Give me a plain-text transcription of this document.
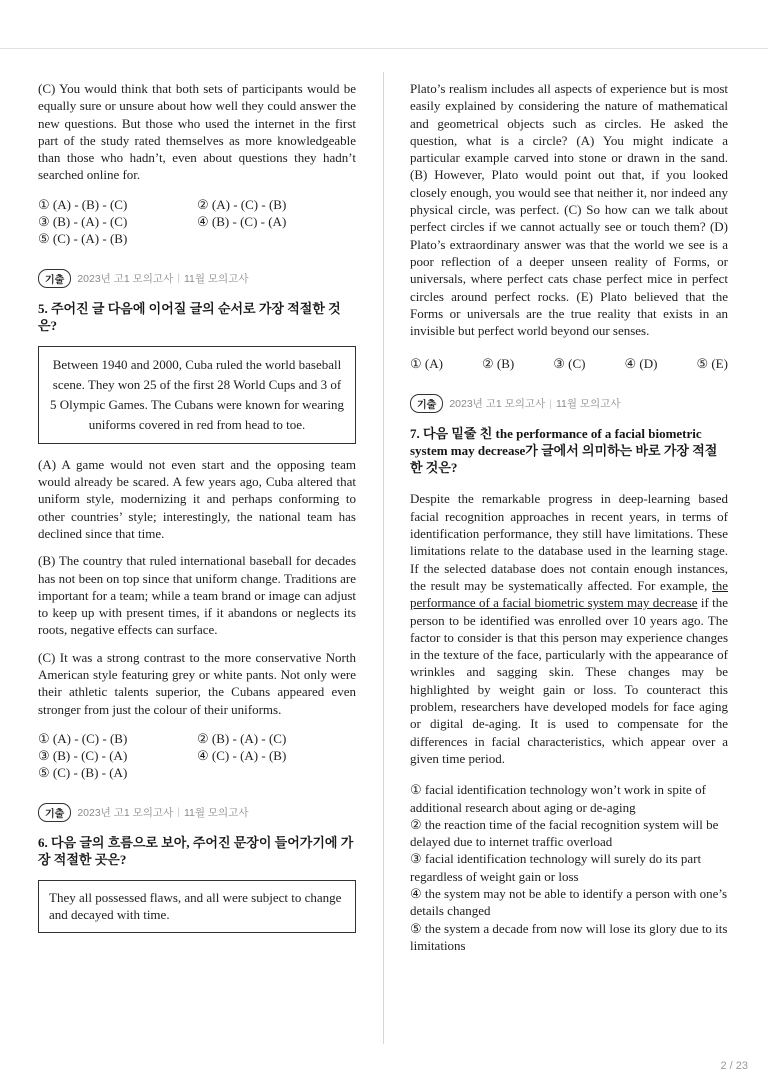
(C) You would think that both sets of participants would be equally sure or unsure about how well they could answer the new questions. But those who used the internet in the first part of the study rated themselves as more knowledgeable than those who hadn’t, even about questions they hadn’t searched online for.

① (A) - (B) - (C)	② (A) - (C) - (B)
③ (B) - (A) - (C)	④ (B) - (C) - (A)
⑤ (C) - (A) - (B)
기출	2023년 고1 모의고사 | 11월 모의고사
5. 주어진 글 다음에 이어질 글의 순서로 가장 적절한 것은?
Between 1940 and 2000, Cuba ruled the world baseball scene. They won 25 of the first 28 World Cups and 3 of 5 Olympic Games. The Cubans were known for wearing uniforms covered in red from head to toe.

(A) A game would not even start and the opposing team would already be scared. A few years ago, Cuba altered that uniform style, modernizing it and perhaps conforming to other countries’ style; interestingly, the national team has declined since that time.

(B) The country that ruled international baseball for decades has not been on top since that uniform change. Traditions are important for a team; while a team brand or image can adjust to keep up with present times, if it abandons or neglects its roots, negative effects can surface.

(C) It was a strong contrast to the more conservative North American style featuring grey or white pants. Not only were their athletic talents superior, the Cubans appeared even stronger from just the colour of their uniforms.

① (A) - (C) - (B)	② (B) - (A) - (C)
③ (B) - (C) - (A)	④ (C) - (A) - (B)
⑤ (C) - (B) - (A)
기출	2023년 고1 모의고사 | 11월 모의고사
6. 다음 글의 흐름으로 보아, 주어진 문장이 들어가기에 가장 적절한 곳은?
They all possessed flaws, and all were subject to change and decayed with time.

Plato’s realism includes all aspects of experience but is most easily explained by considering the nature of mathematical and geometrical objects such as circles. He asked the question, what is a circle? (A) You might indicate a particular example carved into stone or drawn in the sand. (B) However, Plato would point out that, if you looked closely enough, you would see that neither it, nor indeed any physical circle, was perfect. (C) So how can we talk about perfect circles if we cannot actually see or touch them? (D) Plato’s extraordinary answer was that the world we see is a poor reflection of a deeper unseen reality of Forms, or universals, where perfect cats chase perfect mice in perfect circles around perfect rocks. (E) Plato believed that the Forms or universals are the true reality that exists in an invisible but perfect world beyond our senses.

① (A)	② (B)	③ (C)	④ (D)	⑤ (E)
기출	2023년 고1 모의고사 | 11월 모의고사
7. 다음 밑줄 친 the performance of a facial biometric system may decrease가 글에서 의미하는 바로 가장 적절한 것은?

Despite the remarkable progress in deep-learning based facial recognition approaches in recent years, in terms of identification performance, they still have limitations. These limitations relate to the database used in the learning stage. If the selected database does not contain enough instances, the result may be systematically affected. For example, the performance of a facial biometric system may decrease if the person to be identified was enrolled over 10 years ago. The factor to consider is that this person may experience changes in the texture of the face, particularly with the appearance of wrinkles and sagging skin. These changes may be highlighted by weight gain or loss. To counteract this problem, researchers have developed models for face aging or digital de-aging. It is used to compensate for the differences in facial characteristics, which appear over a given time period.

① facial identification technology won’t work in spite of additional research about aging or de-aging
② the reaction time of the facial recognition system will be delayed due to internet traffic overload
③ facial identification technology will surely do its part regardless of weight gain or loss
④ the system may not be able to identify a person with one’s details changed
⑤ the system a decade from now will lose its glory due to its limitations
2 / 23
